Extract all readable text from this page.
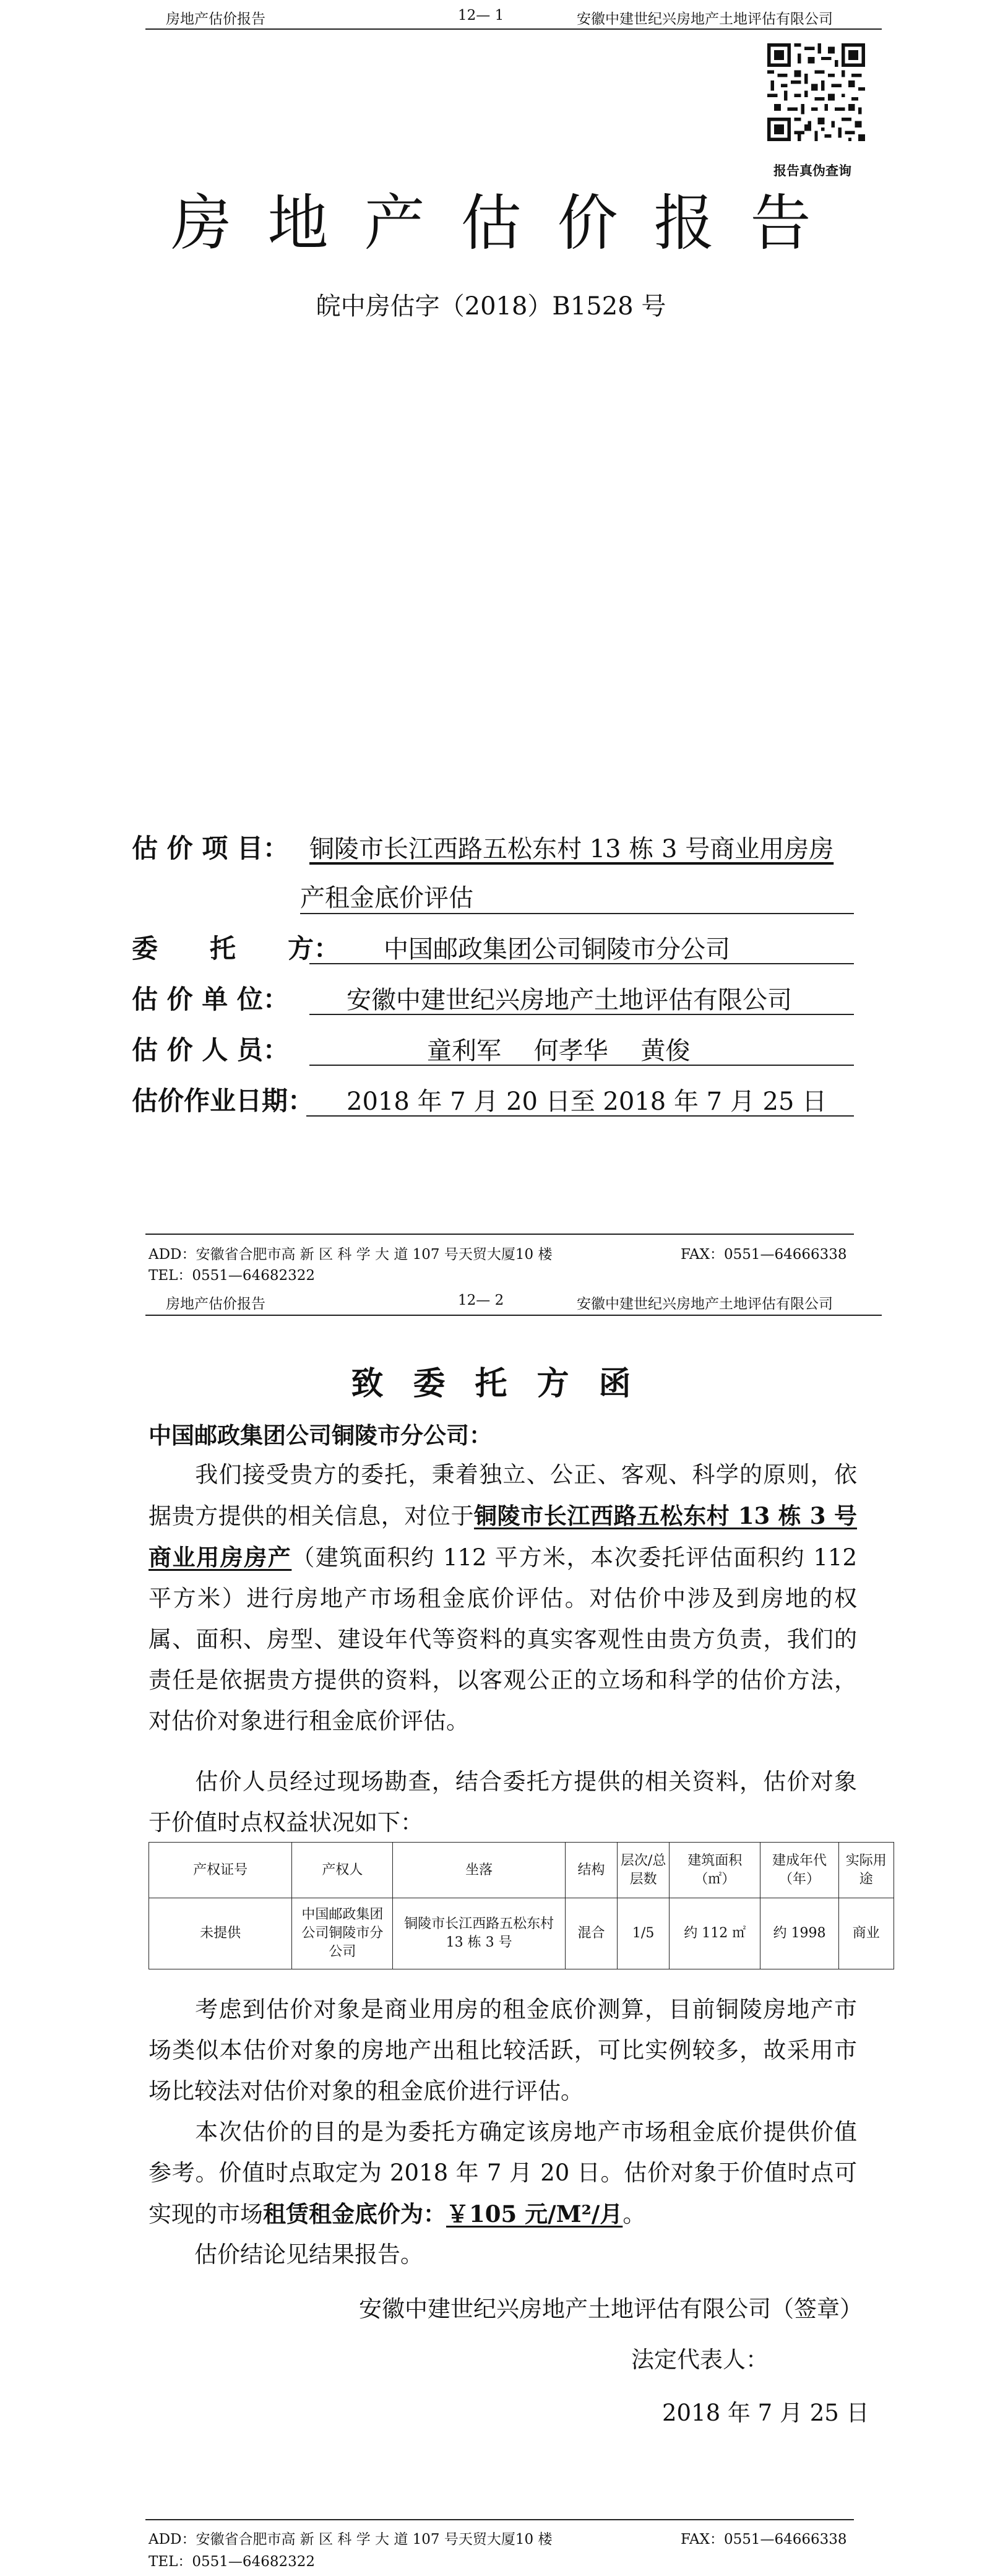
房地产估价报告	12— 1	安徽中建世纪兴房地产土地评估有限公司
报告真伪查询
房地产估价报告
皖中房估字（2018）B1528 号
估 价 项 目： 铜陵市长江西路五松东村 13 栋 3 号商业用房房
产租金底价评估
委　　托　　方： 中国邮政集团公司铜陵市分公司
估 价 单 位： 安徽中建世纪兴房地产土地评估有限公司
估 价 人 员：	童利军　 何孝华　 黄俊
估价作业日期： 2018 年 7 月 20 日至 2018 年 7 月 25 日
ADD：安徽省合肥市高 新 区 科 学 大 道 107 号天贸大厦10 楼	FAX：0551—64666338
TEL：0551—64682322
房地产估价报告	12— 2	安徽中建世纪兴房地产土地评估有限公司
致委托方函
中国邮政集团公司铜陵市分公司：
我们接受贵方的委托，秉着独立、公正、客观、科学的原则，依据贵方提供的相关信息，对位于铜陵市长江西路五松东村 13 栋 3 号商业用房房产（建筑面积约 112 平方米，本次委托评估面积约 112 平方米）进行房地产市场租金底价评估。对估价中涉及到房地的权属、面积、房型、建设年代等资料的真实客观性由贵方负责，我们的责任是依据贵方提供的资料，以客观公正的立场和科学的估价方法，对估价对象进行租金底价评估。
估价人员经过现场勘查，结合委托方提供的相关资料，估价对象于价值时点权益状况如下：
产权证号	产权人	坐落	结构	层次/总层数	建筑面积（㎡）	建成年代（年）	实际用途
未提供	中国邮政集团公司铜陵市分公司	铜陵市长江西路五松东村 13 栋 3 号	混合	1/5	约 112 ㎡	约 1998	商业
考虑到估价对象是商业用房的租金底价测算，目前铜陵房地产市场类似本估价对象的房地产出租比较活跃，可比实例较多，故采用市场比较法对估价对象的租金底价进行评估。
本次估价的目的是为委托方确定该房地产市场租金底价提供价值参考。价值时点取定为 2018 年 7 月 20 日。估价对象于价值时点可实现的市场租赁租金底价为：￥105 元/M²/月。
估价结论见结果报告。
安徽中建世纪兴房地产土地评估有限公司（签章）
法定代表人：
2018 年 7 月 25 日
ADD：安徽省合肥市高 新 区 科 学 大 道 107 号天贸大厦10 楼	FAX：0551—64666338
TEL：0551—64682322
